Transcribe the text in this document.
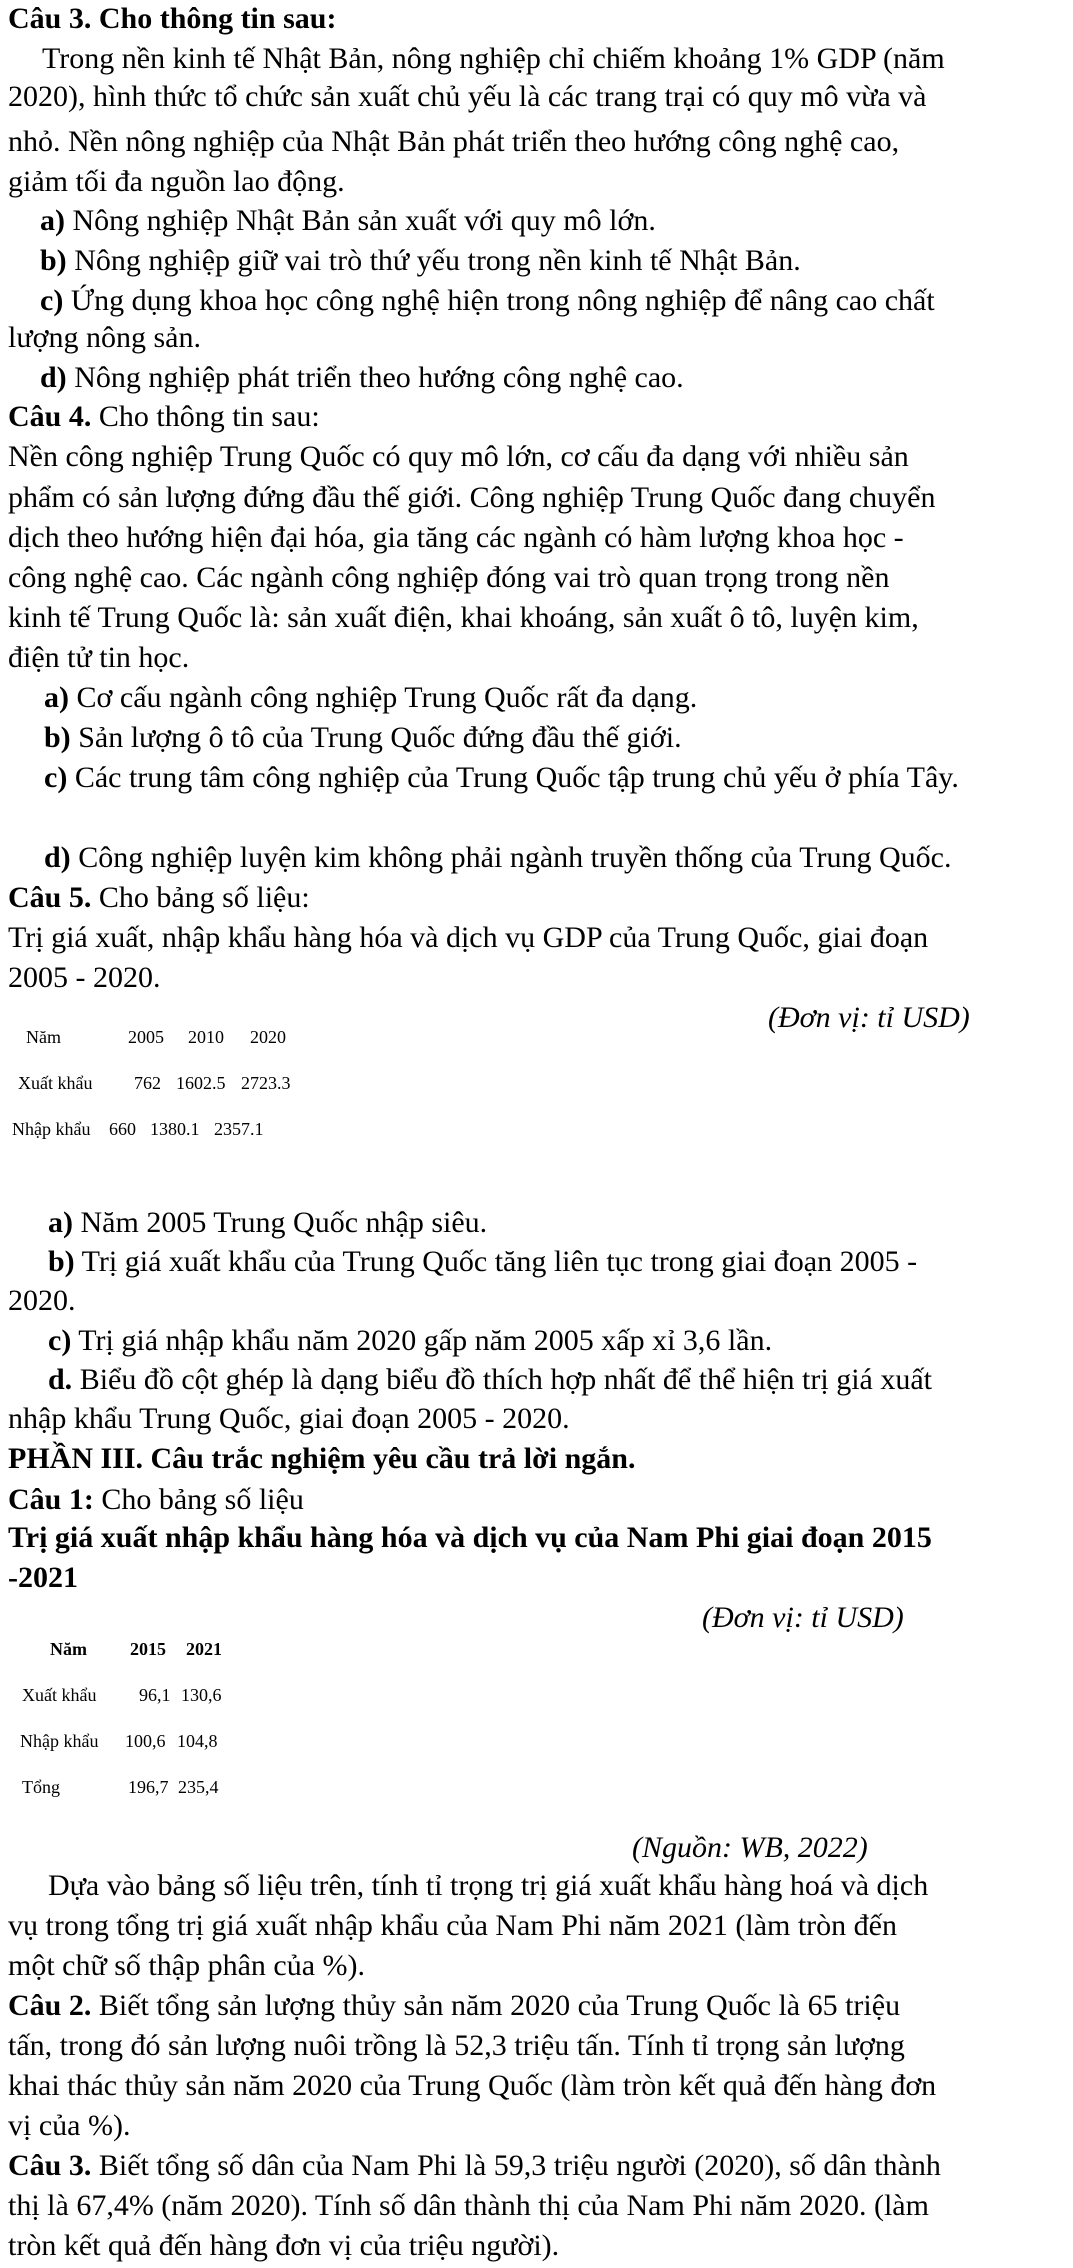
Câu 3. Cho thông tin sau:
Trong nền kinh tế Nhật Bản, nông nghiệp chỉ chiếm khoảng 1% GDP (năm
2020), hình thức tổ chức sản xuất chủ yếu là các trang trại có quy mô vừa và
nhỏ. Nền nông nghiệp của Nhật Bản phát triển theo hướng công nghệ cao,
giảm tối đa nguồn lao động.
a) Nông nghiệp Nhật Bản sản xuất với quy mô lớn.
b) Nông nghiệp giữ vai trò thứ yếu trong nền kinh tế Nhật Bản.
c) Ứng dụng khoa học công nghệ hiện trong nông nghiệp để nâng cao chất
lượng nông sản.
d) Nông nghiệp phát triển theo hướng công nghệ cao.
Câu 4. Cho thông tin sau:
Nền công nghiệp Trung Quốc có quy mô lớn, cơ cấu đa dạng với nhiều sản
phẩm có sản lượng đứng đầu thế giới. Công nghiệp Trung Quốc đang chuyển
dịch theo hướng hiện đại hóa, gia tăng các ngành có hàm lượng khoa học -
công nghệ cao. Các ngành công nghiệp đóng vai trò quan trọng trong nền
kinh tế Trung Quốc là: sản xuất điện, khai khoáng, sản xuất ô tô, luyện kim,
điện tử tin học.
a) Cơ cấu ngành công nghiệp Trung Quốc rất đa dạng.
b) Sản lượng ô tô của Trung Quốc đứng đầu thế giới.
c) Các trung tâm công nghiệp của Trung Quốc tập trung chủ yếu ở phía Tây.
d) Công nghiệp luyện kim không phải ngành truyền thống của Trung Quốc.
Câu 5. Cho bảng số liệu:
Trị giá xuất, nhập khẩu hàng hóa và dịch vụ GDP của Trung Quốc, giai đoạn
2005 - 2020.
(Đơn vị: tỉ USD)
Năm	2005 2010 2020
Xuất khẩu 762 1602.5 2723.3
Nhập khẩu 660 1380.1 2357.1
a) Năm 2005 Trung Quốc nhập siêu.
b) Trị giá xuất khẩu của Trung Quốc tăng liên tục trong giai đoạn 2005 -
2020.
c) Trị giá nhập khẩu năm 2020 gấp năm 2005 xấp xỉ 3,6 lần.
d. Biểu đồ cột ghép là dạng biểu đồ thích hợp nhất để thể hiện trị giá xuất
nhập khẩu Trung Quốc, giai đoạn 2005 - 2020.
PHẦN III. Câu trắc nghiệm yêu cầu trả lời ngắn.
Câu 1: Cho bảng số liệu
Trị giá xuất nhập khẩu hàng hóa và dịch vụ của Nam Phi giai đoạn 2015
-2021
(Đơn vị: tỉ USD)
Năm 2015 2021
Xuất khẩu 96,1 130,6
Nhập khẩu 100,6 104,8
Tổng	196,7 235,4
(Nguồn: WB, 2022)
Dựa vào bảng số liệu trên, tính tỉ trọng trị giá xuất khẩu hàng hoá và dịch
vụ trong tổng trị giá xuất nhập khẩu của Nam Phi năm 2021 (làm tròn đến
một chữ số thập phân của %).
Câu 2. Biết tổng sản lượng thủy sản năm 2020 của Trung Quốc là 65 triệu
tấn, trong đó sản lượng nuôi trồng là 52,3 triệu tấn. Tính tỉ trọng sản lượng
khai thác thủy sản năm 2020 của Trung Quốc (làm tròn kết quả đến hàng đơn
vị của %).
Câu 3. Biết tổng số dân của Nam Phi là 59,3 triệu người (2020), số dân thành
thị là 67,4% (năm 2020). Tính số dân thành thị của Nam Phi năm 2020. (làm
tròn kết quả đến hàng đơn vị của triệu người).
